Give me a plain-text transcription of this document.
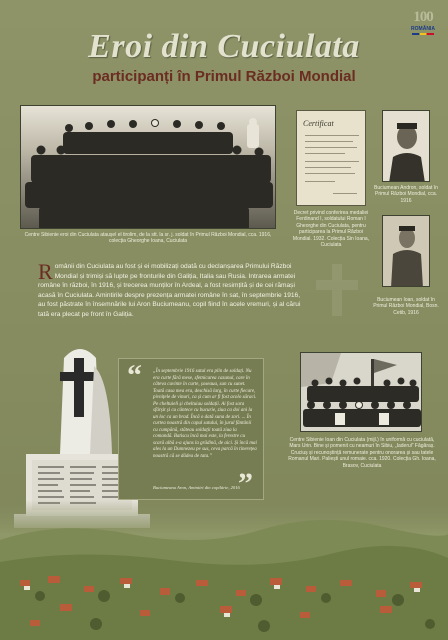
100
ROMÂNIA
Eroi din Cuciulata
participanți în Primul Război Mondial
Centre Sibienie eroi din Cuciulata ataușel el tirolim, de la stt. la sr. j. soldat în Primul Război Mondial, cca. 1916, colecția Gheorghe Ioana, Cuciulata
Certificat
Decret privind conferirea medaliei Ferdinand I, soldatului Roman I Gheorghe din Cuciulata, pentru participarea la Primul Război Mondial. 1932. Colecția Sin Ioana, Cuciulata
Buciumean Andron, soldat în Primul Război Mondial, cca. 1916
Buciumean Ioan, soldat în Primul Război Mondial, Bosn. Cetib, 1916
R omânii din Cuciulata au fost și ei mobilizați odată cu declanșarea Primului Război Mondial și trimiși să lupte pe fronturile din Galiția, Italia sau Rusia. Intrarea armatei române în război, în 1916, și trecerea munților în Ardeal, a fost resimțită și de cei rămași acasă în Cuciulata. Amintirile despre prezența armatei române în sat, în septembrie 1916, au fost păstrate în însemnările lui Aron Buciumeanu, copil fiind în acele vremuri, și al cărui tată era plecat pe front în Galiția.
“ „În septembrie 1916 satul era plin de soldați. Nu era curte fără mese, sfetnicarea cazanul, care în câteva cuvinte în curte, șoseaua, sun cu sunet. Toată casa mea era, deschisă larg, în curte fiecare, pivnițele de vinuri, ca și cum ar fi fost acolo săraci. Pe cheltuieli și cheltuiau soldații. Ai fost sara sfârșit și cu cântece cu bucurie, ziua ca doi ani la un loc ca un brad. Încă o dată suna de zori. ... În curtea noastră din capul satului, în jurul fântânii cu cumpănă, stăteau soldații toată ziua la comandă. Batiscu încă mai este, la ferestre cu scară albă s-a ajuns la grădină, de aici. Și încă mai ales la un Dumnezeu pe sus, ceva parcă în tinerețea noastră că se dădea de tata.”
Buciumeanu Aron, Amintiri din copilărie, 2016
”
Centre Sibienie Ioan din Cuciulata (mijl.) în uniformă cu cuciulată, Mars Urin. Bine și pomenit cu neamuri în Sibiu, „Iaderul” Făgăraș. Cruciuș și recunoștință remunerate pentru onorarea și sau tatele Romanul Mari. Paliești unul romaie. cca. 1920. Colecția Gh. Ioana, Brasov, Cuciulata
